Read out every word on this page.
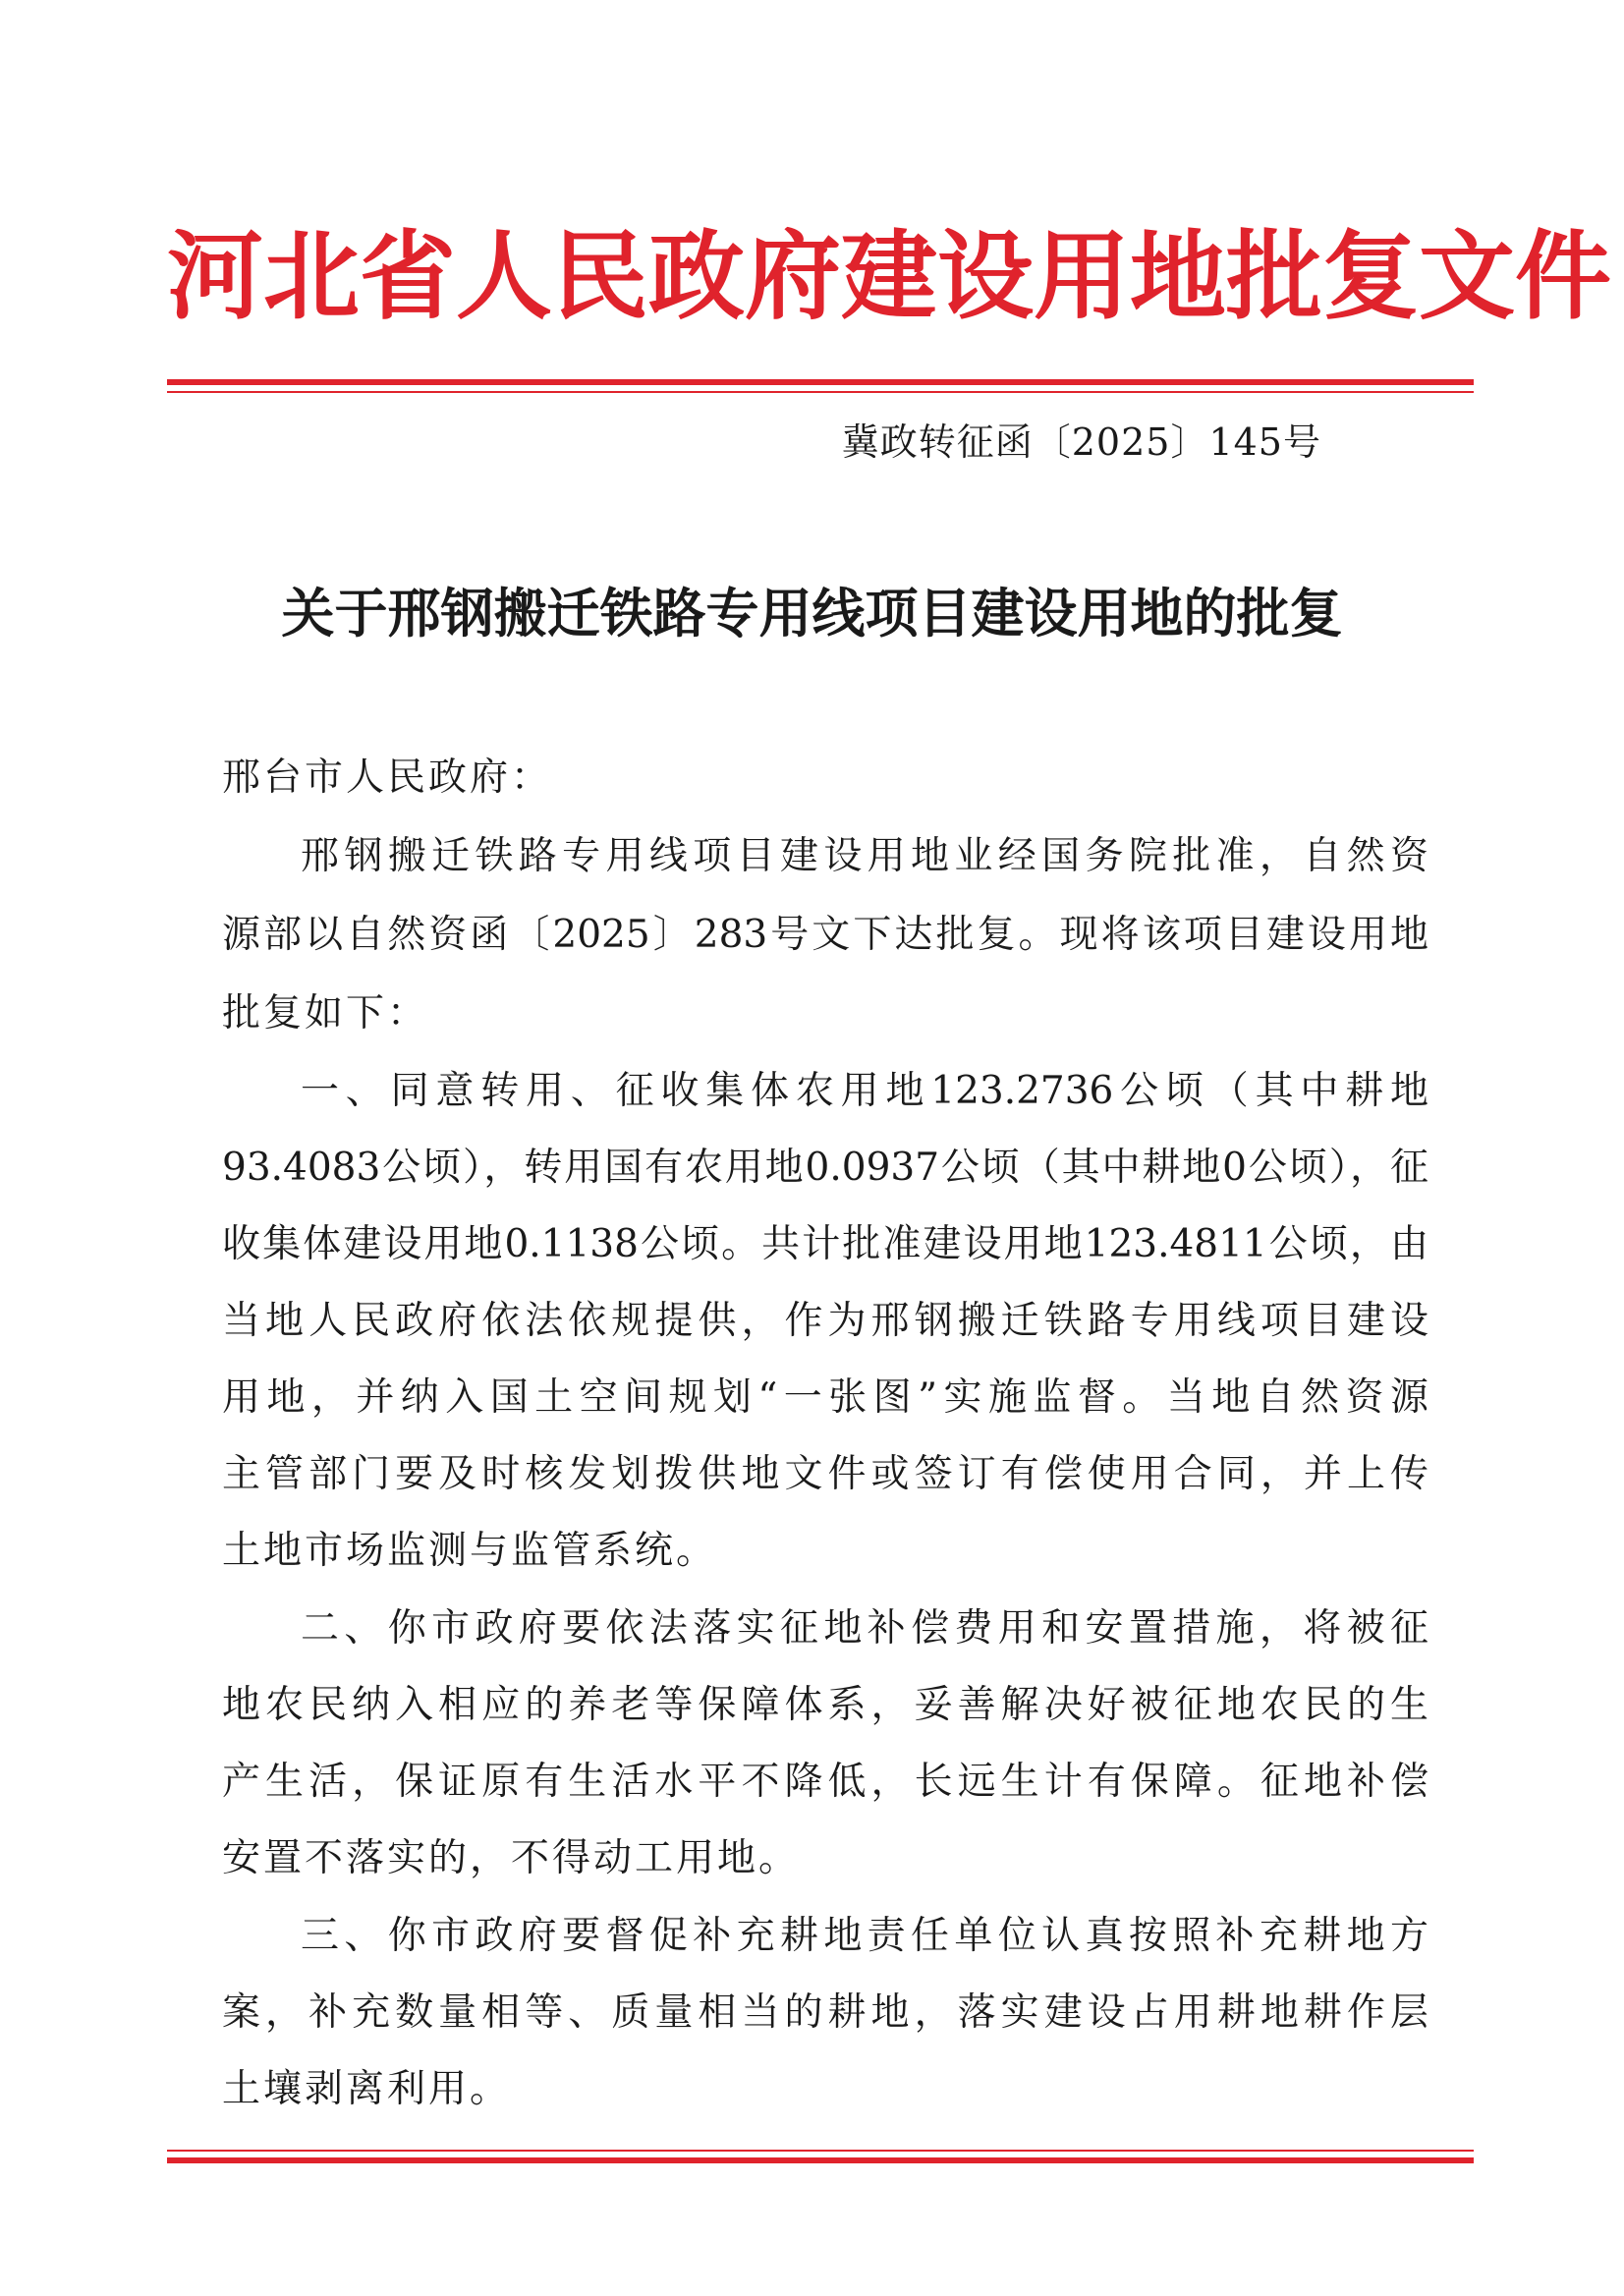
河北省人民政府建设用地批复文件
冀政转征函〔2025〕145号
关于邢钢搬迁铁路专用线项目建设用地的批复
邢台市人民政府：
邢钢搬迁铁路专用线项目建设用地业经国务院批准，自然资
源部以自然资函〔2025〕283号文下达批复。现将该项目建设用地
批复如下：
一、同意转用、征收集体农用地123.2736公顷（其中耕地
93.4083公顷），转用国有农用地0.0937公顷（其中耕地0公顷），征
收集体建设用地0.1138公顷。共计批准建设用地123.4811公顷，由
当地人民政府依法依规提供，作为邢钢搬迁铁路专用线项目建设
用地，并纳入国土空间规划“一张图”实施监督。当地自然资源
主管部门要及时核发划拨供地文件或签订有偿使用合同，并上传
土地市场监测与监管系统。
二、你市政府要依法落实征地补偿费用和安置措施，将被征
地农民纳入相应的养老等保障体系，妥善解决好被征地农民的生
产生活，保证原有生活水平不降低，长远生计有保障。征地补偿
安置不落实的，不得动工用地。
三、你市政府要督促补充耕地责任单位认真按照补充耕地方
案，补充数量相等、质量相当的耕地，落实建设占用耕地耕作层
土壤剥离利用。
